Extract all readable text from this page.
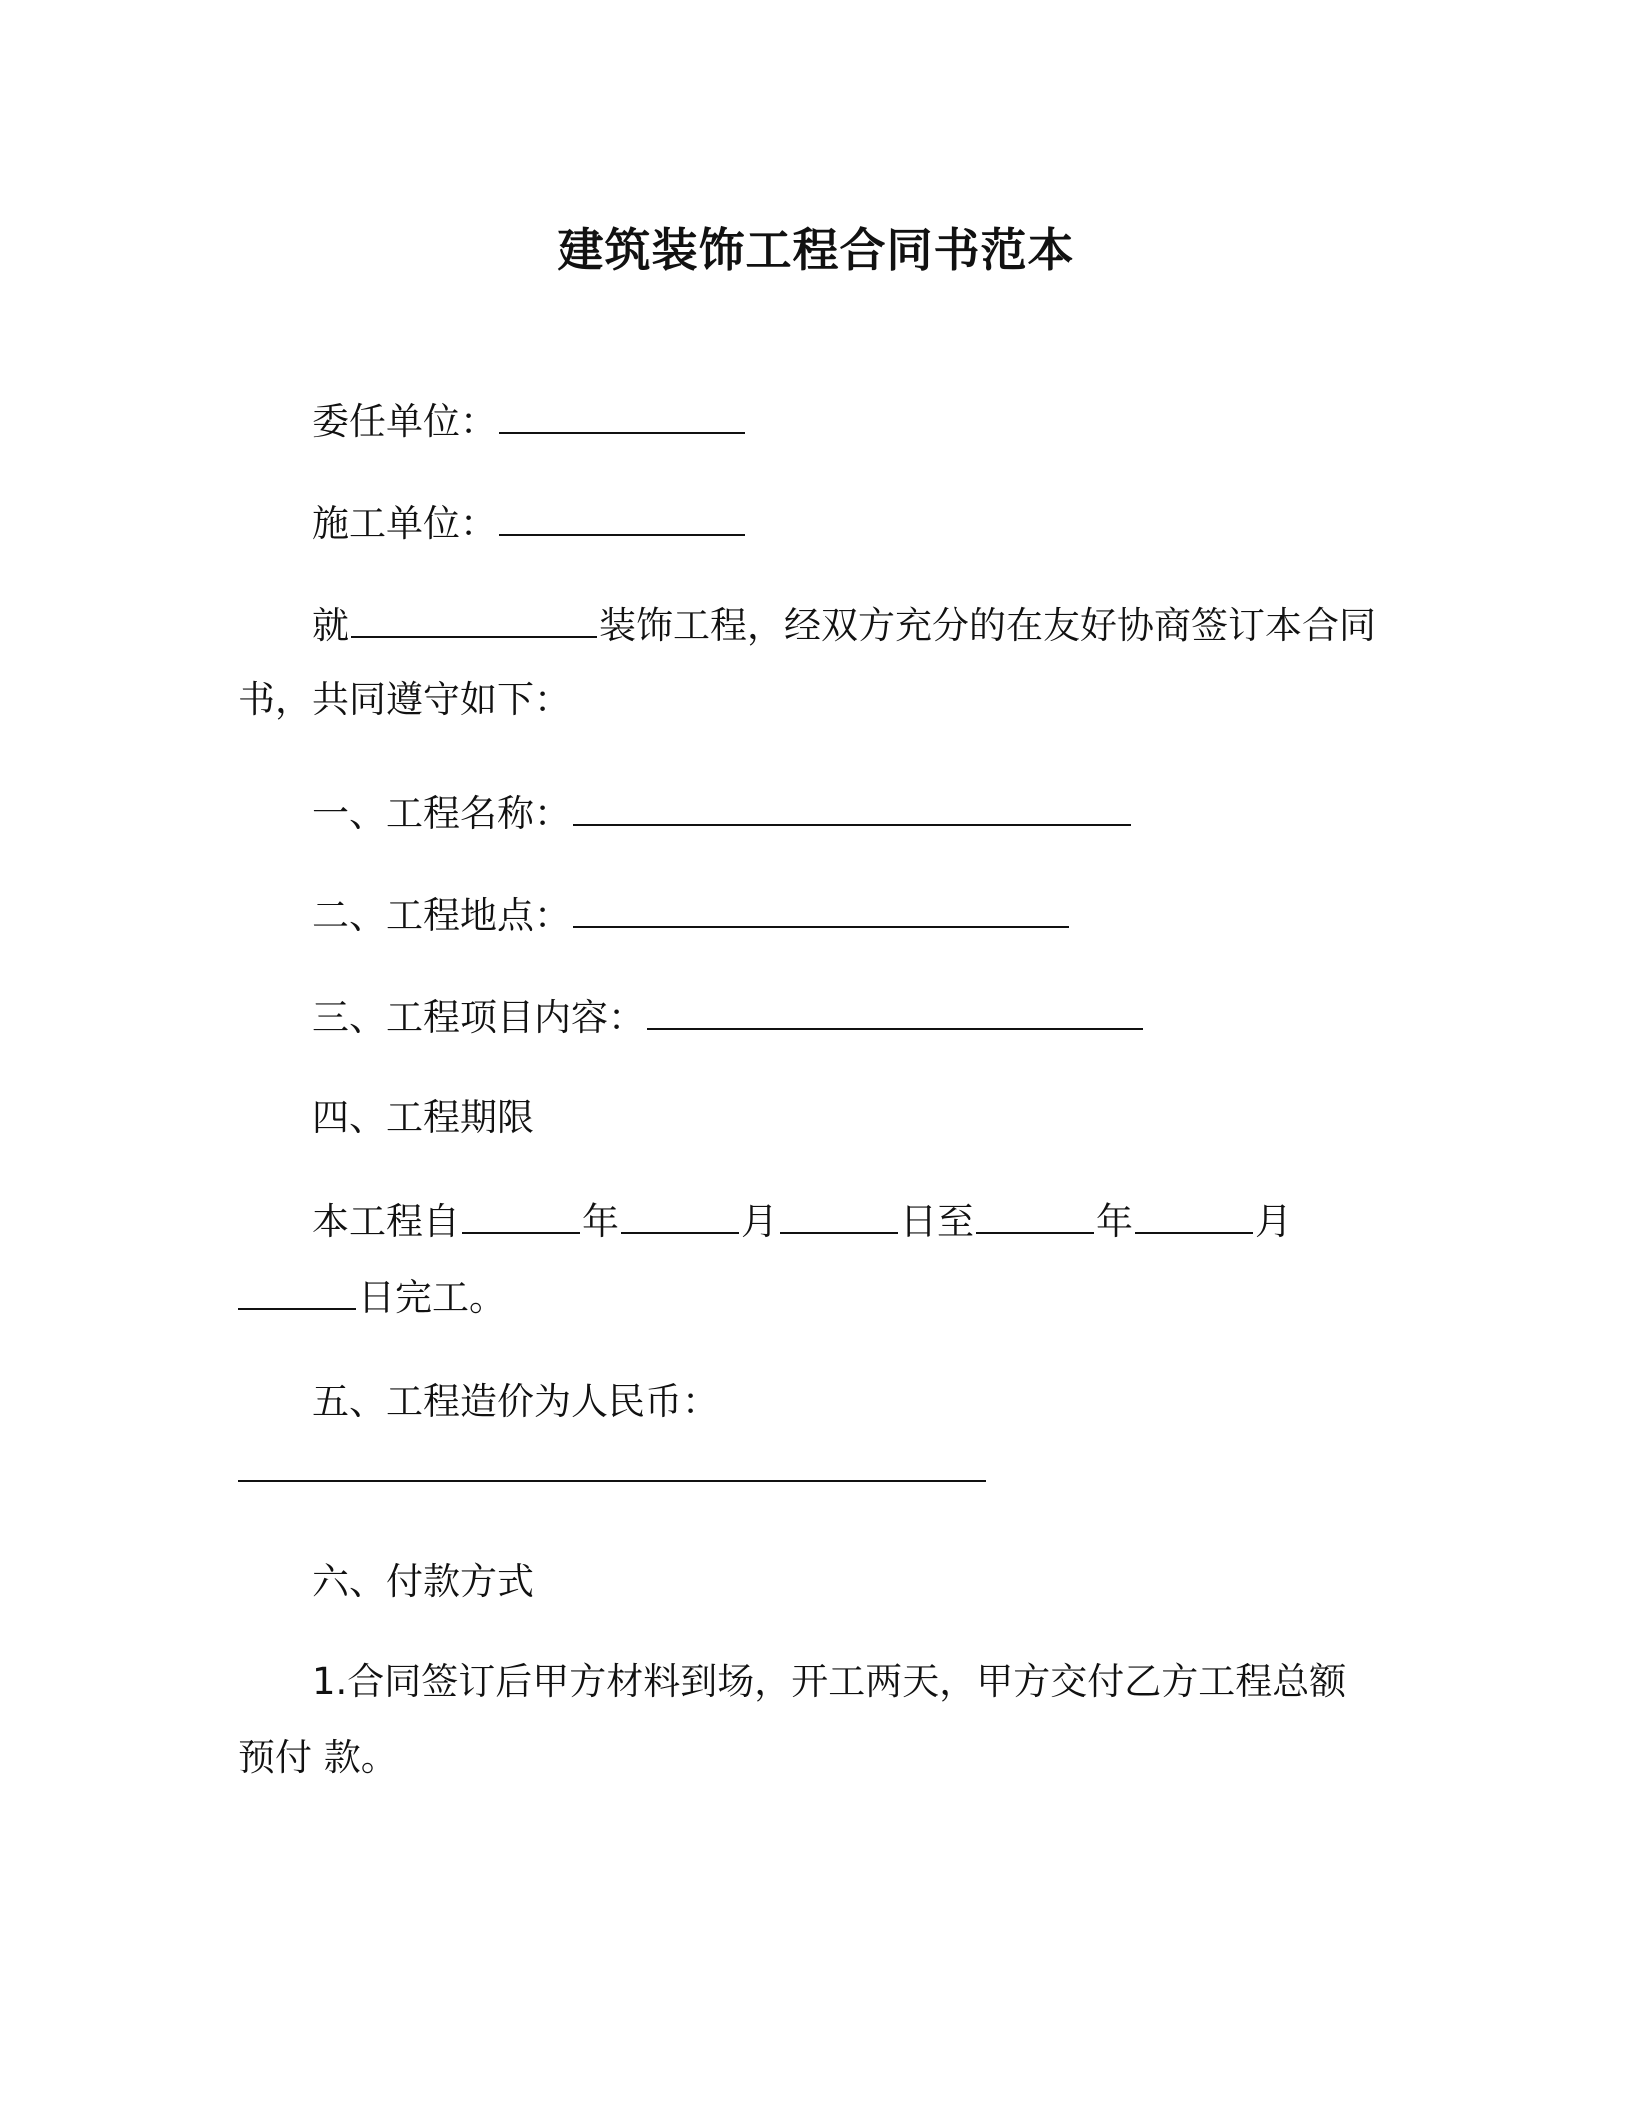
建筑装饰工程合同书范本
委任单位：
施工单位：
就	装饰工程，经双方充分的在友好协商签订本合同
书，共同遵守如下：
一、工程名称：
二、工程地点：
三、工程项目内容：
四、工程期限
本工程自	年	月	日至	年	月
日完工。
五、工程造价为人民币：
六、付款方式
1.合同签订后甲方材料到场，开工两天，甲方交付乙方工程总额
预付 款。
